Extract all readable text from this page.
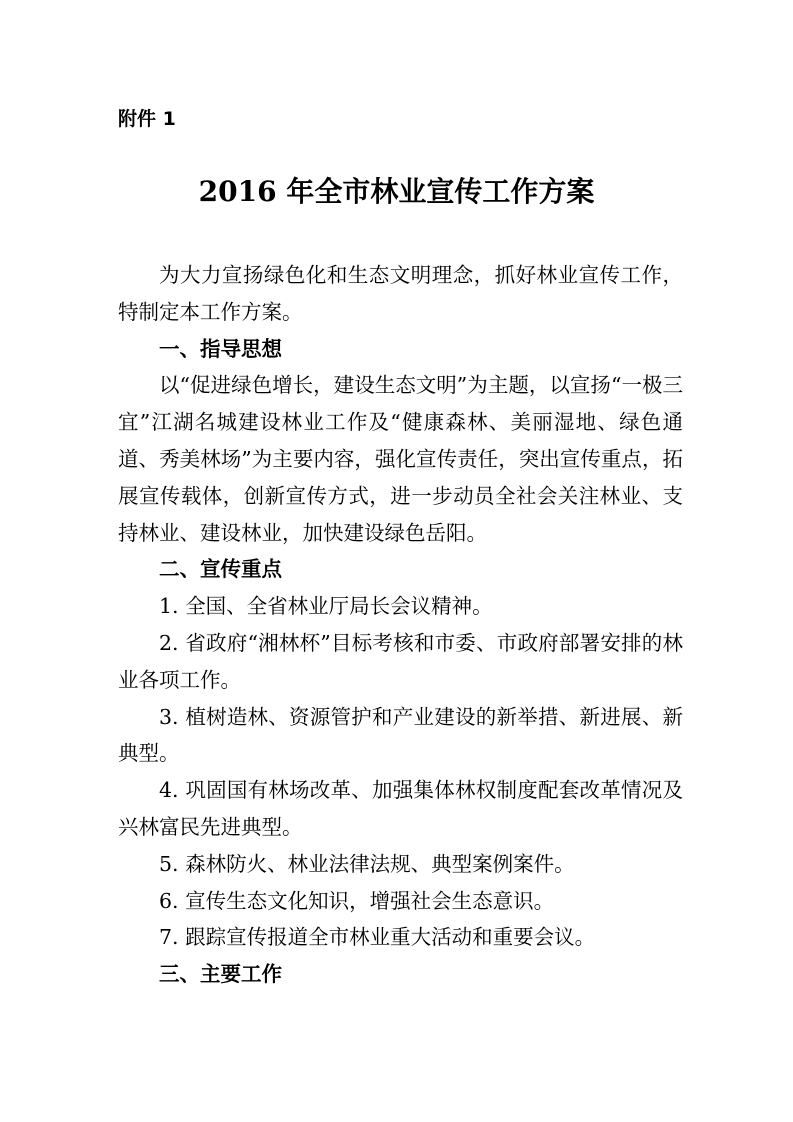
附件 1
2016 年全市林业宣传工作方案

为大力宣扬绿色化和生态文明理念，抓好林业宣传工作，特制定本工作方案。

一、指导思想

以“促进绿色增长，建设生态文明”为主题，以宣扬“一极三宜”江湖名城建设林业工作及“健康森林、美丽湿地、绿色通道、秀美林场”为主要内容，强化宣传责任，突出宣传重点，拓展宣传载体，创新宣传方式，进一步动员全社会关注林业、支持林业、建设林业，加快建设绿色岳阳。

二、宣传重点

1. 全国、全省林业厅局长会议精神。

2. 省政府“湘林杯”目标考核和市委、市政府部署安排的林业各项工作。

3. 植树造林、资源管护和产业建设的新举措、新进展、新典型。

4. 巩固国有林场改革、加强集体林权制度配套改革情况及兴林富民先进典型。

5. 森林防火、林业法律法规、典型案例案件。

6. 宣传生态文化知识，增强社会生态意识。

7. 跟踪宣传报道全市林业重大活动和重要会议。

三、主要工作
